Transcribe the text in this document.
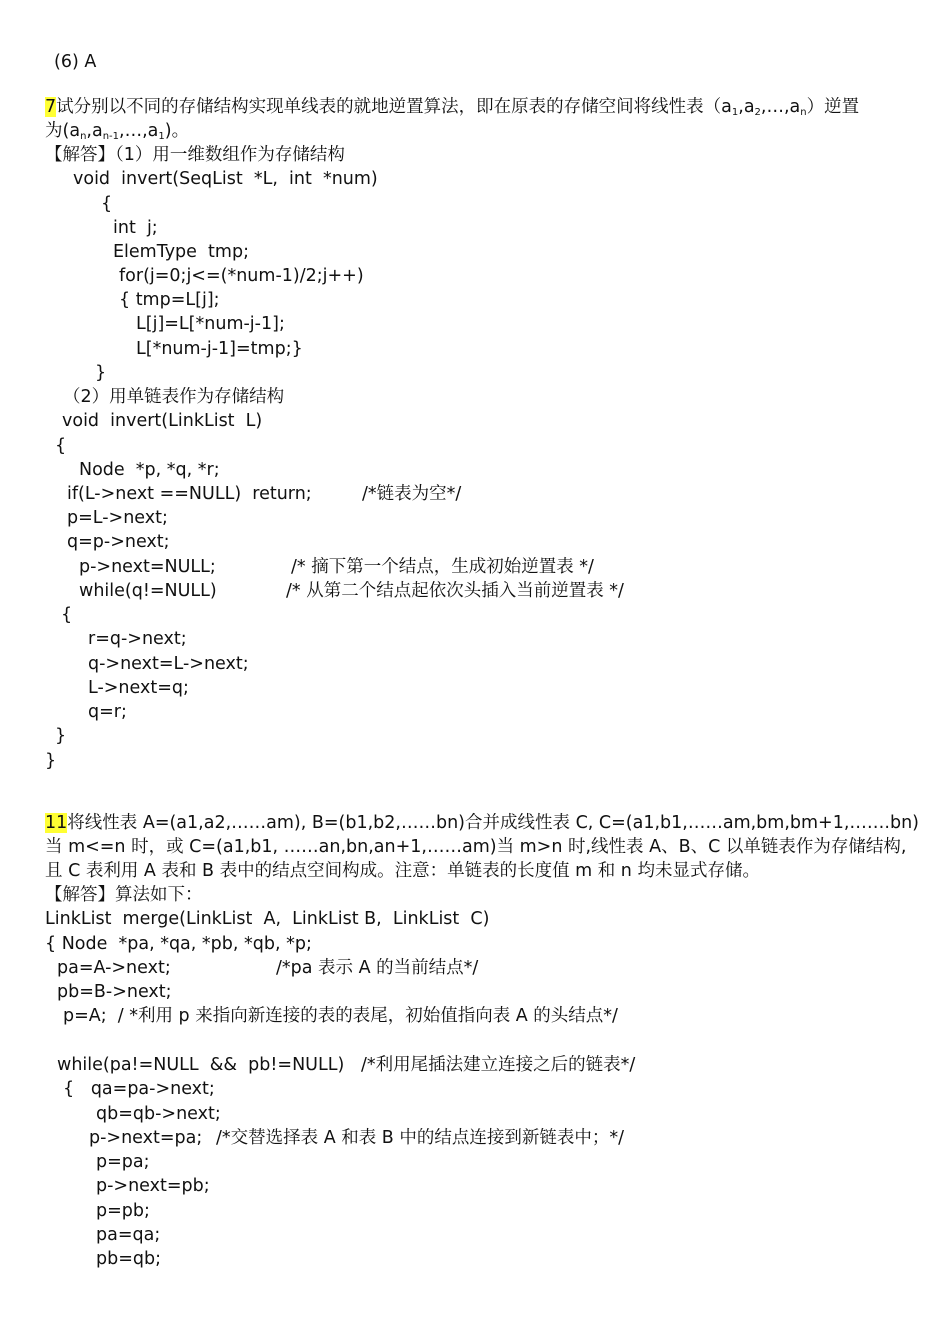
(6) A
7试分别以不同的存储结构实现单线表的就地逆置算法，即在原表的存储空间将线性表$(a_1,a_2,\dots,a_n)$逆置
为$(a_n,a_{n-1},\dots,a_1)$。
【解答】（1）用一维数组作为存储结构
void  invert(SeqList  *L,  int  *num)
{
int  j;
ElemType  tmp;
for(j=0;j<=(*num-1)/2;j++)
{ tmp=L[j];
L[j]=L[*num-j-1];
L[*num-j-1]=tmp;}
}
（2）用单链表作为存储结构
void  invert(LinkList  L)
{
Node  *p, *q, *r;
if(L->next ==NULL)  return;	/*链表为空*/
p=L->next;
q=p->next;
p->next=NULL;	/* 摘下第一个结点，生成初始逆置表 */
while(q!=NULL)	/* 从第二个结点起依次头插入当前逆置表 */
{
r=q->next;
q->next=L->next;
L->next=q;
q=r;
}
}
11将线性表 A=(a1,a2,……am), B=(b1,b2,……bn)合并成线性表 C, C=(a1,b1,……am,bm,bm+1,…….bn)
当 m<=n 时，或 C=(a1,b1, ……an,bn,an+1,……am)当 m>n 时,线性表 A、B、C 以单链表作为存储结构,
且 C 表利用 A 表和 B 表中的结点空间构成。注意：单链表的长度值 m 和 n 均未显式存储。
【解答】算法如下：
LinkList  merge(LinkList  A,  LinkList B,  LinkList  C)
{ Node  *pa, *qa, *pb, *qb, *p;
pa=A->next;	/*pa 表示 A 的当前结点*/
pb=B->next;
p=A;  / *利用 p 来指向新连接的表的表尾，初始值指向表 A 的头结点*/
while(pa!=NULL  &&  pb!=NULL) /*利用尾插法建立连接之后的链表*/
{   qa=pa->next;
qb=qb->next;
p->next=pa; /*交替选择表 A 和表 B 中的结点连接到新链表中；*/
p=pa;
p->next=pb;
p=pb;
pa=qa;
pb=qb;
